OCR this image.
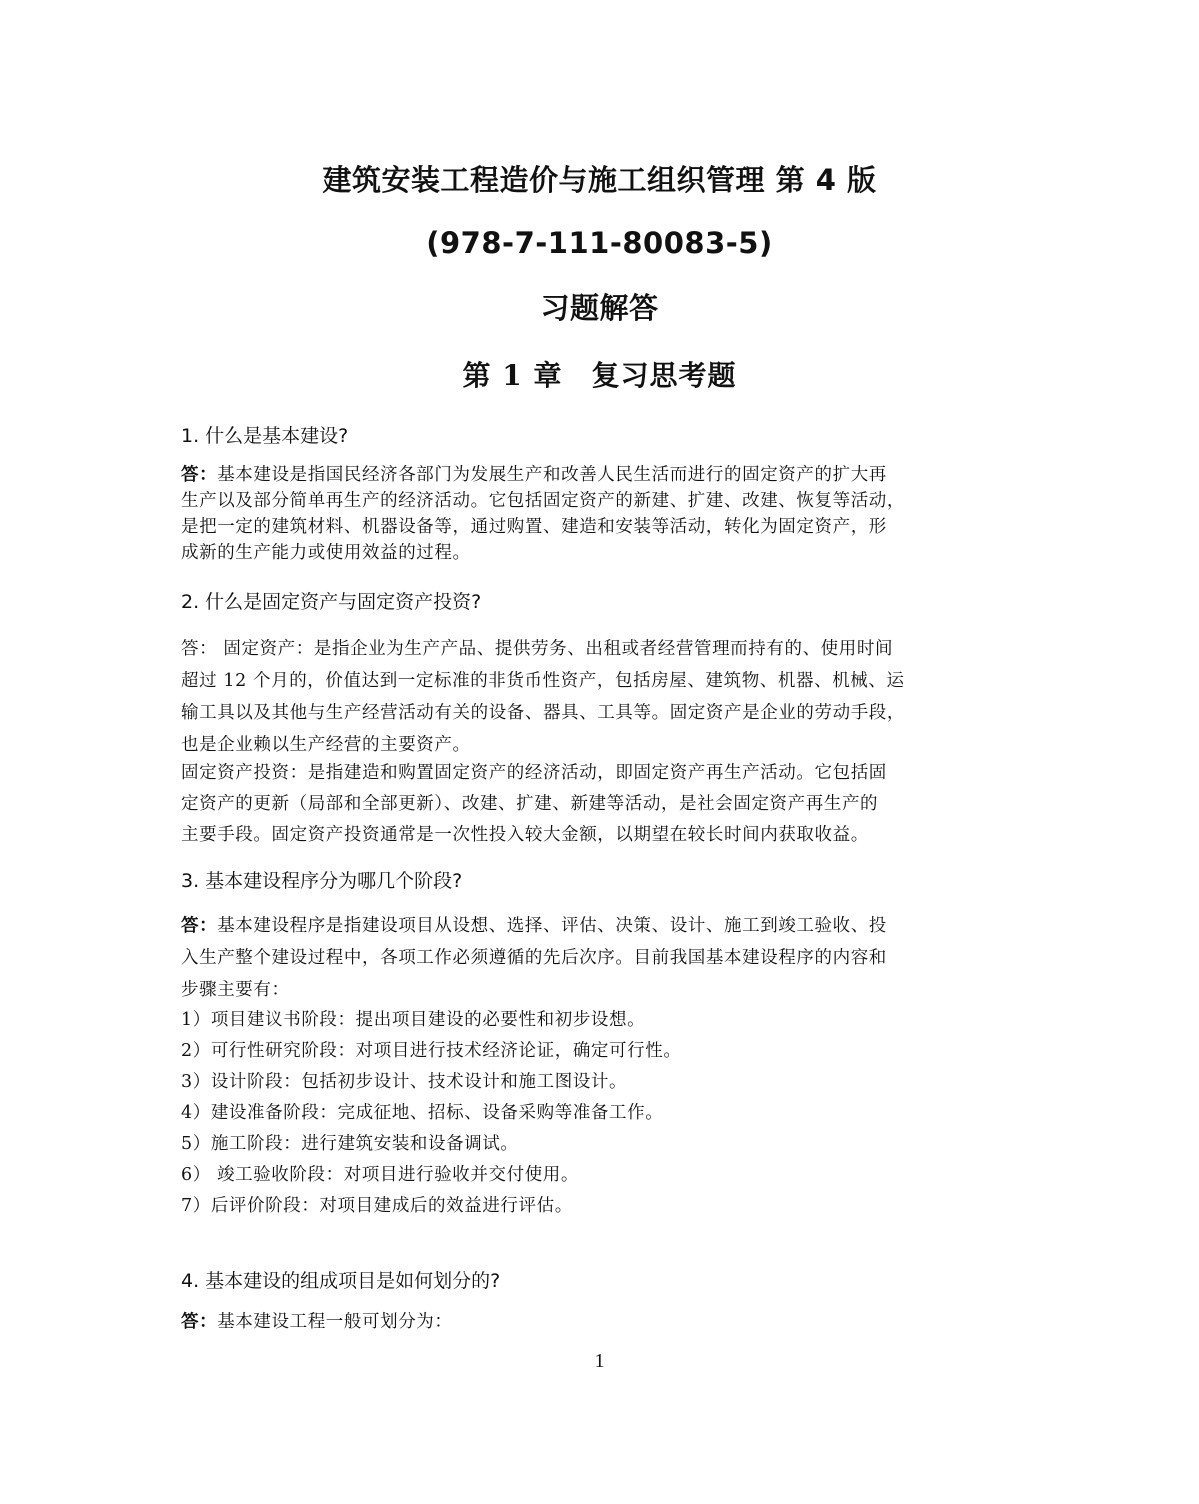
建筑安装工程造价与施工组织管理 第 4 版
(978-7-111-80083-5)
习题解答
第 1 章　复习思考题
1. 什么是基本建设?
答：基本建设是指国民经济各部门为发展生产和改善人民生活而进行的固定资产的扩大再
生产以及部分简单再生产的经济活动。它包括固定资产的新建、扩建、改建、恢复等活动，
是把一定的建筑材料、机器设备等，通过购置、建造和安装等活动，转化为固定资产，形
成新的生产能力或使用效益的过程。
2. 什么是固定资产与固定资产投资?
答： 固定资产：是指企业为生产产品、提供劳务、出租或者经营管理而持有的、使用时间
超过 12 个月的，价值达到一定标准的非货币性资产，包括房屋、建筑物、机器、机械、运
输工具以及其他与生产经营活动有关的设备、器具、工具等。固定资产是企业的劳动手段，
也是企业赖以生产经营的主要资产。
固定资产投资：是指建造和购置固定资产的经济活动，即固定资产再生产活动。它包括固
定资产的更新（局部和全部更新）、改建、扩建、新建等活动，是社会固定资产再生产的
主要手段。固定资产投资通常是一次性投入较大金额，以期望在较长时间内获取收益。
3. 基本建设程序分为哪几个阶段?
答：基本建设程序是指建设项目从设想、选择、评估、决策、设计、施工到竣工验收、投
入生产整个建设过程中，各项工作必须遵循的先后次序。目前我国基本建设程序的内容和
步骤主要有：
1）项目建议书阶段：提出项目建设的必要性和初步设想。
2）可行性研究阶段：对项目进行技术经济论证，确定可行性。
3）设计阶段：包括初步设计、技术设计和施工图设计。
4）建设准备阶段：完成征地、招标、设备采购等准备工作。
5）施工阶段：进行建筑安装和设备调试。
6） 竣工验收阶段：对项目进行验收并交付使用。
7）后评价阶段：对项目建成后的效益进行评估。
4. 基本建设的组成项目是如何划分的?
答：基本建设工程一般可划分为：
1
